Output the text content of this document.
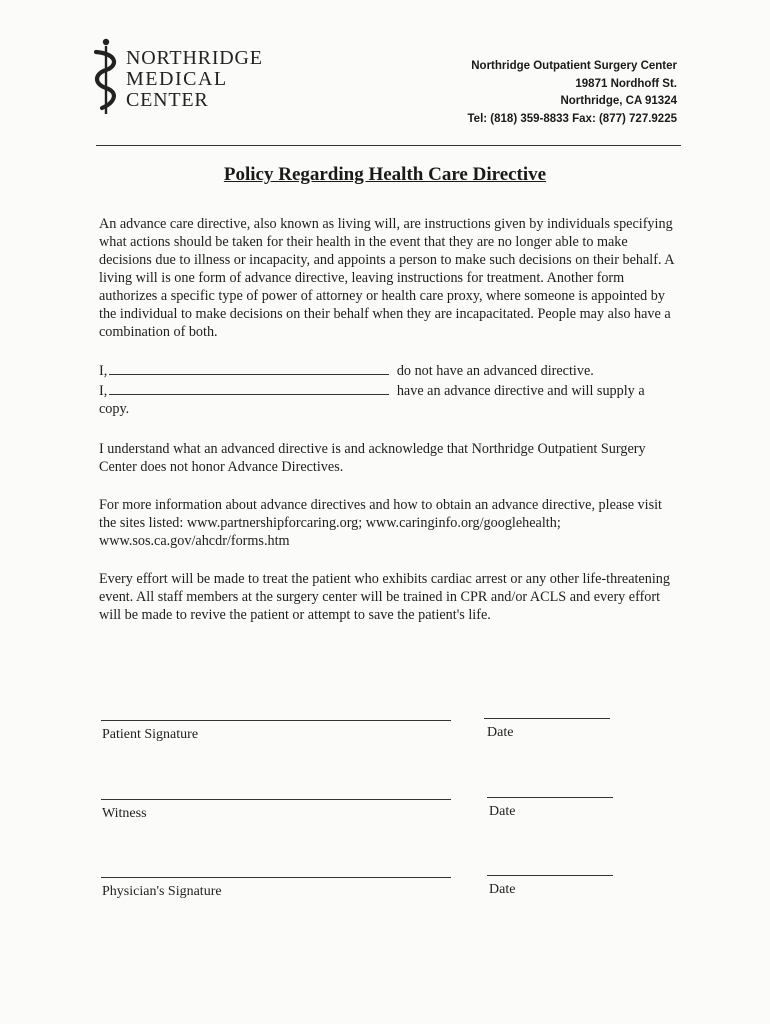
NORTHRIDGE
MEDICAL
CENTER
Northridge Outpatient Surgery Center
19871 Nordhoff St.
Northridge, CA 91324
Tel: (818) 359-8833 Fax: (877) 727.9225
Policy Regarding Health Care Directive
An advance care directive, also known as living will, are instructions given by individuals specifying what actions should be taken for their health in the event that they are no longer able to make decisions due to illness or incapacity, and appoints a person to make such decisions on their behalf. A living will is one form of advance directive, leaving instructions for treatment. Another form authorizes a specific type of power of attorney or health care proxy, where someone is appointed by the individual to make decisions on their behalf when they are incapacitated. People may also have a combination of both.
I,	do not have an advanced directive.
I,	have an advance directive and will supply a
copy.
I understand what an advanced directive is and acknowledge that Northridge Outpatient Surgery Center does not honor Advance Directives.
For more information about advance directives and how to obtain an advance directive, please visit the sites listed: www.partnershipforcaring.org; www.caringinfo.org/googlehealth; www.sos.ca.gov/ahcdr/forms.htm
Every effort will be made to treat the patient who exhibits cardiac arrest or any other life-threatening event. All staff members at the surgery center will be trained in CPR and/or ACLS and every effort will be made to revive the patient or attempt to save the patient's life.
Patient Signature	Date
Witness	Date
Physician's Signature	Date
